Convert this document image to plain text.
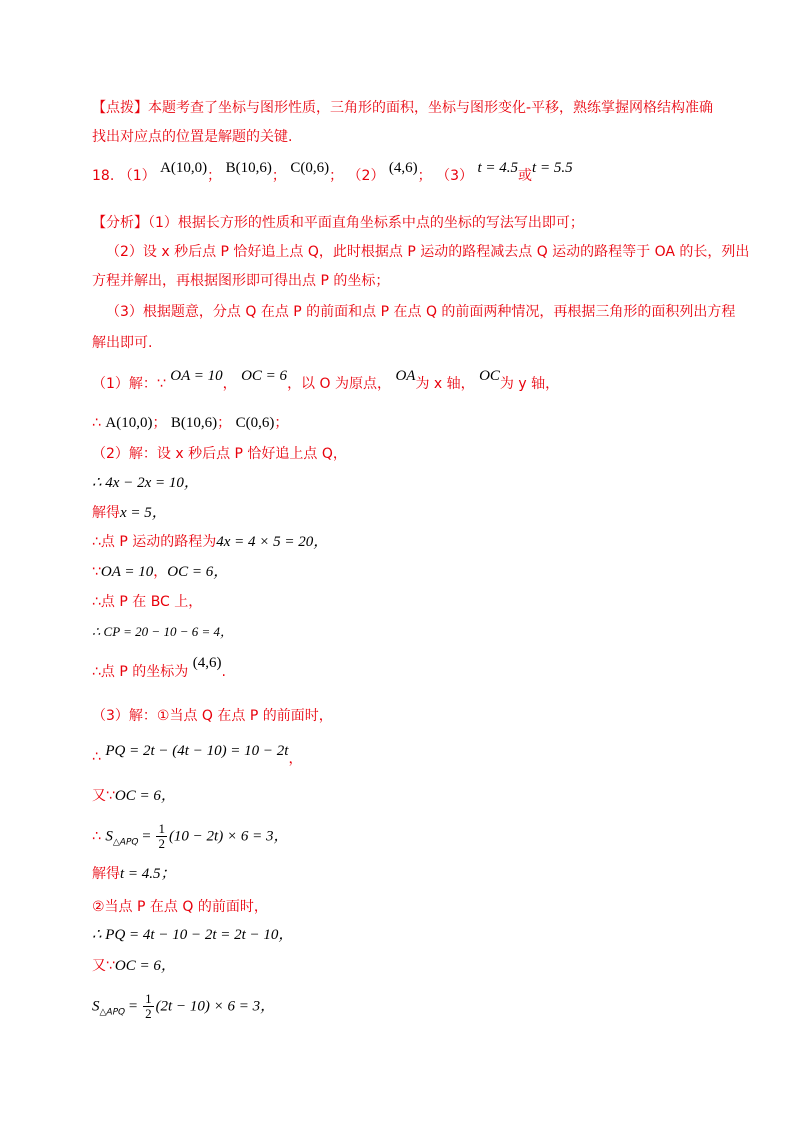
【点拨】本题考查了坐标与图形性质，三角形的面积，坐标与图形变化-平移，熟练掌握网格结构准确
找出对应点的位置是解题的关键.
18. （1） A(10,0)； B(10,6)； C(0,6)； （2） (4,6)； （3） t = 4.5或t = 5.5
【分析】（1）根据长方形的性质和平面直角坐标系中点的坐标的写法写出即可；
（2）设 x 秒后点 P 恰好追上点 Q，此时根据点 P 运动的路程减去点 Q 运动的路程等于 OA 的长，列出
方程并解出，再根据图形即可得出点 P 的坐标；
（3）根据题意，分点 Q 在点 P 的前面和点 P 在点 Q 的前面两种情况，再根据三角形的面积列出方程
解出即可.
（1）解：∵ OA = 10， OC = 6，以 O 为原点， OA为 x 轴， OC为 y 轴，
∴ A(10,0)； B(10,6)； C(0,6)；
（2）解：设 x 秒后点 P 恰好追上点 Q，
∴ 4x − 2x = 10，
解得x = 5，
∴点 P 运动的路程为4x = 4 × 5 = 20，
∵OA = 10，OC = 6，
∴点 P 在 BC 上，
∴ CP = 20 − 10 − 6 = 4，
∴点 P 的坐标为 (4,6).
（3）解：①当点 Q 在点 P 的前面时，
∴ PQ = 2t − (4t − 10) = 10 − 2t，
又∵OC = 6，
∴ $S_{\triangle APQ} = \frac{1}{2} (10 - 2t) \times 6 = 3$，
解得t = 4.5；
②当点 P 在点 Q 的前面时，
∴ PQ = 4t − 10 − 2t = 2t − 10，
又∵OC = 6，
$S_{\triangle APQ} = \frac{1}{2} (2t - 10) \times 6 = 3$，
